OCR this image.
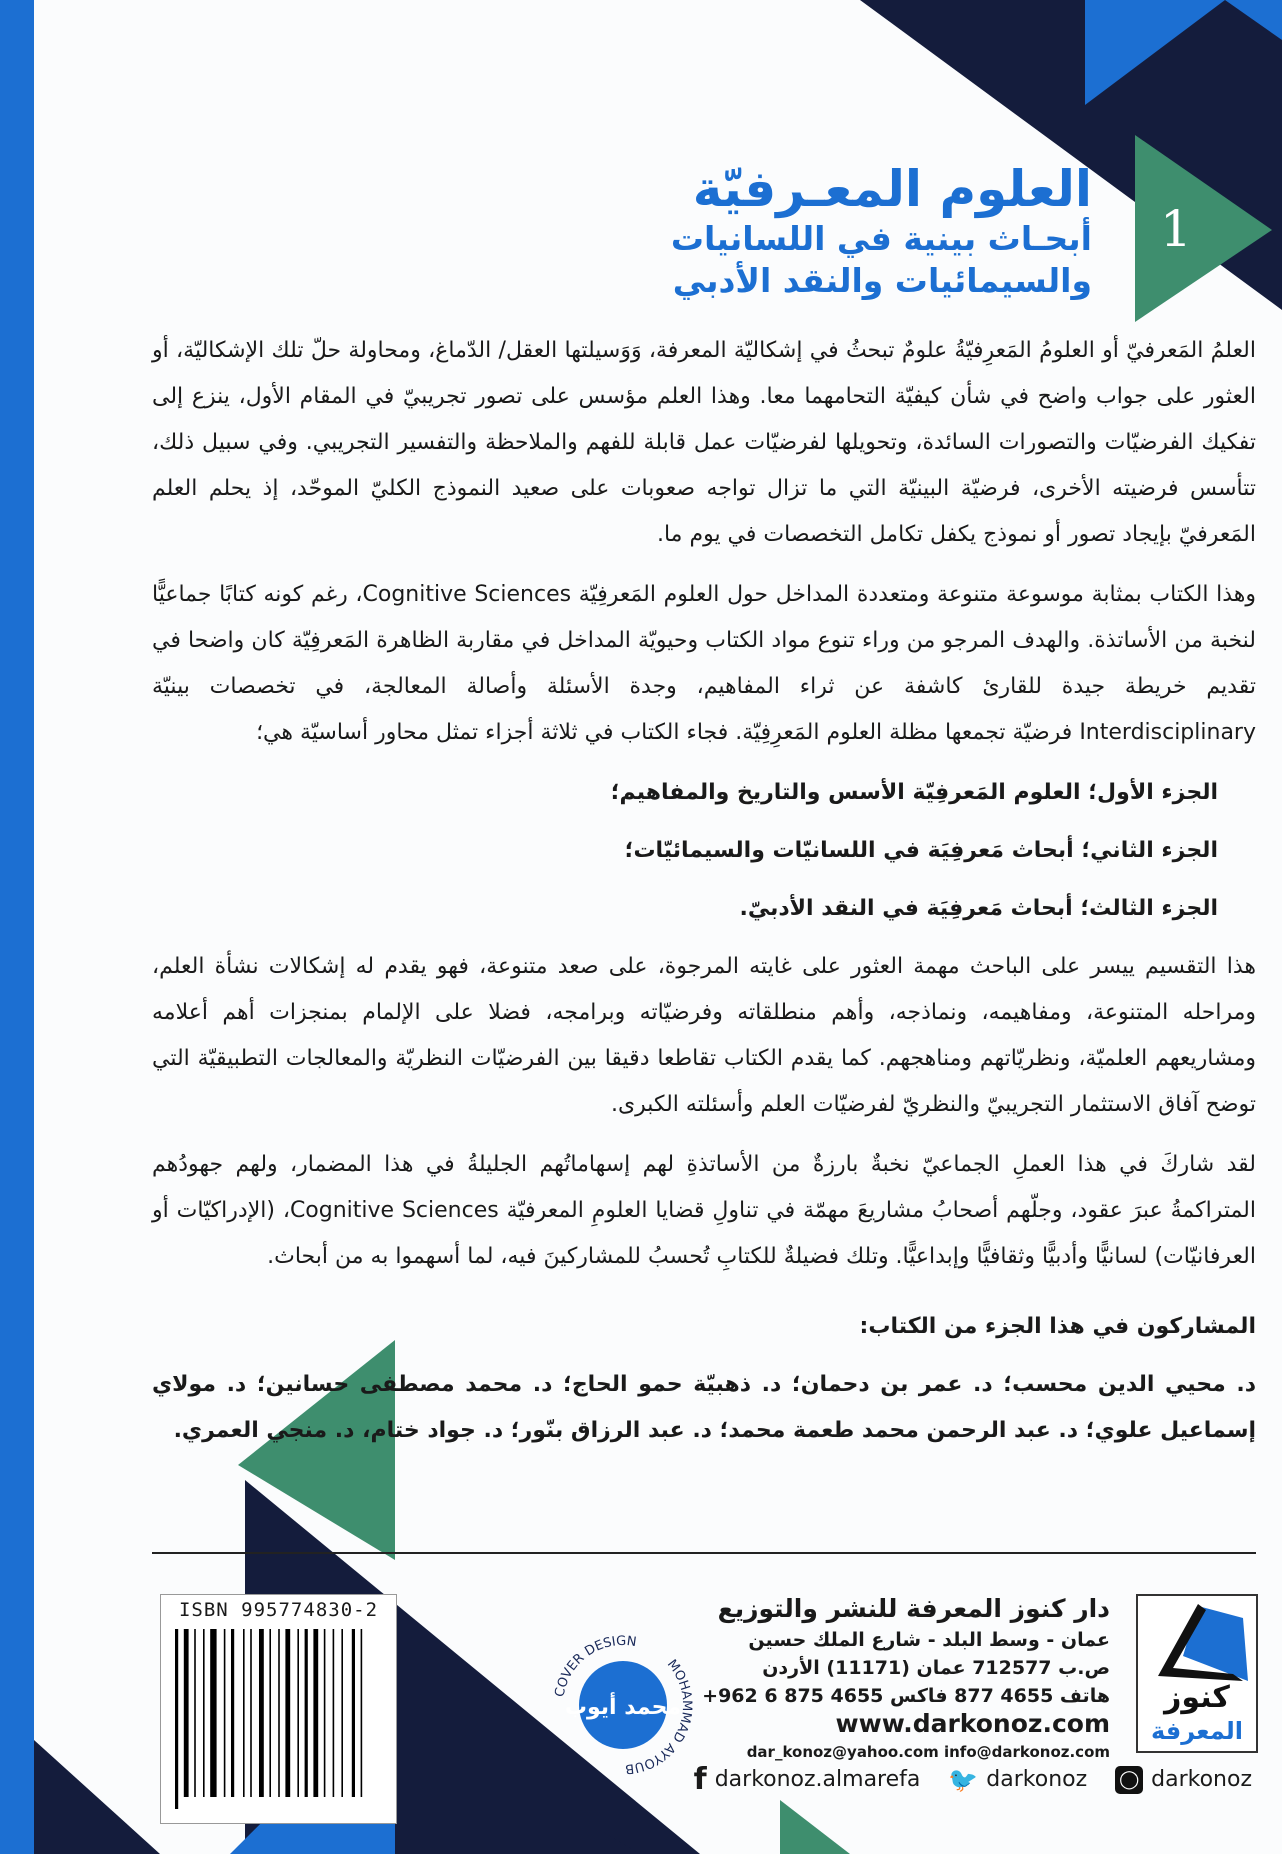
العلوم المعـرفيّة
أبحـاث بينية في اللسانيات
والسيمائيات والنقد الأدبي
1

العلمُ المَعرفيّ أو العلومُ المَعرِفيّةُ علومٌ تبحثُ في إشكاليّة المعرفة، وَوَسيلتها العقل/ الدّماغ، ومحاولة حلّ تلك الإشكاليّة، أو العثور على جواب واضح في شأن كيفيّة التحامهما معا. وهذا العلم مؤسس على تصور تجريبيّ في المقام الأول، ينزع إلى تفكيك الفرضيّات والتصورات السائدة، وتحويلها لفرضيّات عمل قابلة للفهم والملاحظة والتفسير التجريبي. وفي سبيل ذلك، تتأسس فرضيته الأخرى، فرضيّة البينيّة التي ما تزال تواجه صعوبات على صعيد النموذج الكليّ الموحّد، إذ يحلم العلم المَعرفيّ بإيجاد تصور أو نموذج يكفل تكامل التخصصات في يوم ما.

وهذا الكتاب بمثابة موسوعة متنوعة ومتعددة المداخل حول العلوم المَعرفِيّة Cognitive Sciences، رغم كونه كتابًا جماعيًّا لنخبة من الأساتذة. والهدف المرجو من وراء تنوع مواد الكتاب وحيويّة المداخل في مقاربة الظاهرة المَعرفِيّة كان واضحا في تقديم خريطة جيدة للقارئ كاشفة عن ثراء المفاهيم، وجدة الأسئلة وأصالة المعالجة، في تخصصات بينيّة Interdisciplinary فرضيّة تجمعها مظلة العلوم المَعرِفِيّة. فجاء الكتاب في ثلاثة أجزاء تمثل محاور أساسيّة هي؛

الجزء الأول؛ العلوم المَعرفِيّة الأسس والتاريخ والمفاهيم؛

الجزء الثاني؛ أبحاث مَعرفِيَة في اللسانيّات والسيمائيّات؛

الجزء الثالث؛ أبحاث مَعرفِيَة في النقد الأدبيّ.

هذا التقسيم ييسر على الباحث مهمة العثور على غايته المرجوة، على صعد متنوعة، فهو يقدم له إشكالات نشأة العلم، ومراحله المتنوعة، ومفاهيمه، ونماذجه، وأهم منطلقاته وفرضيّاته وبرامجه، فضلا على الإلمام بمنجزات أهم أعلامه ومشاريعهم العلميّة، ونظريّاتهم ومناهجهم. كما يقدم الكتاب تقاطعا دقيقا بين الفرضيّات النظريّة والمعالجات التطبيقيّة التي توضح آفاق الاستثمار التجريبيّ والنظريّ لفرضيّات العلم وأسئلته الكبرى.

لقد شاركَ في هذا العملِ الجماعيّ نخبةٌ بارزةٌ من الأساتذةِ لهم إسهاماتُهم الجليلةُ في هذا المضمار، ولهم جهودُهم المتراكمةُ عبرَ عقود، وجلّهم أصحابُ مشاريعَ مهمّة في تناولِ قضايا العلومِ المعرفيّة Cognitive Sciences، (الإدراكيّات أو العرفانيّات) لسانيًّا وأدبيًّا وثقافيًّا وإبداعيًّا. وتلك فضيلةٌ للكتابِ تُحسبُ للمشاركينَ فيه، لما أسهموا به من أبحاث.

المشاركون في هذا الجزء من الكتاب:

د. محيي الدين محسب؛ د. عمر بن دحمان؛ د. ذهبيّة حمو الحاج؛ د. محمد مصطفى حسانين؛ د. مولاي إسماعيل علوي؛ د. عبد الرحمن محمد طعمة محمد؛ د. عبد الرزاق بنّور؛ د. جواد ختام، د. منجي العمري.

ISBN 995774830-2
COVER DESIGN
MOHAMMAD AYYOUB
محمد أيوب
دار كنوز المعرفة للنشر والتوزيع
عمان - وسط البلد - شارع الملك حسين
ص.ب 712577 عمان (11171) الأردن
هاتف 4655 877 فاكس 4655 875 6 962+
www.darkonoz.com
dar_konoz@yahoo.com info@darkonoz.com
كنوز
المعرفة
f darkonoz.almarefa 🐦 darkonoz ◯ darkonoz
